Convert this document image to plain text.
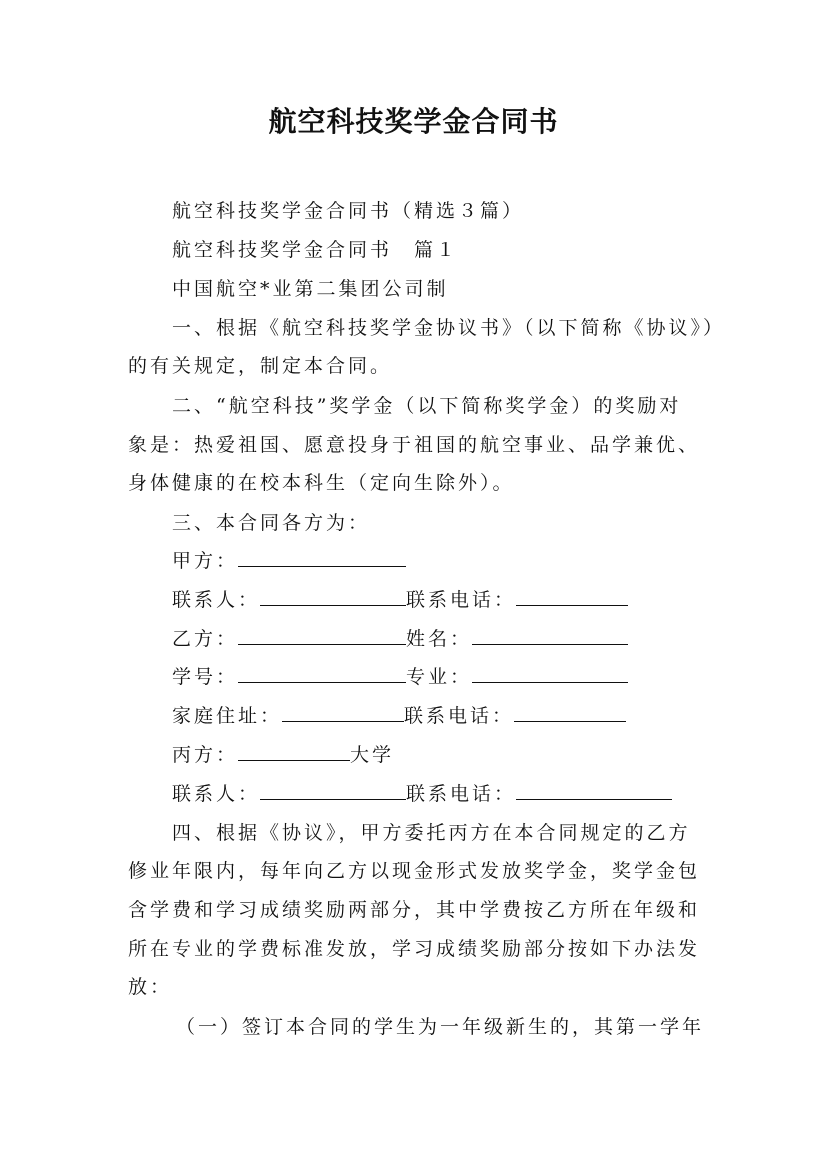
航空科技奖学金合同书
航空科技奖学金合同书（精选３篇）
航空科技奖学金合同书　篇１
中国航空*业第二集团公司制
一、根据《航空科技奖学金协议书》（以下简称《协议》）
的有关规定，制定本合同。
二、“航空科技”奖学金（以下简称奖学金）的奖励对
象是：热爱祖国、愿意投身于祖国的航空事业、品学兼优、
身体健康的在校本科生（定向生除外）。
三、本合同各方为：
甲方：
联系人：	联系电话：
乙方：	姓名：
学号：	专业：
家庭住址：	联系电话：
丙方：	大学
联系人：	联系电话：
四、根据《协议》，甲方委托丙方在本合同规定的乙方
修业年限内，每年向乙方以现金形式发放奖学金，奖学金包
含学费和学习成绩奖励两部分，其中学费按乙方所在年级和
所在专业的学费标准发放，学习成绩奖励部分按如下办法发
放：
（一）签订本合同的学生为一年级新生的，其第一学年
